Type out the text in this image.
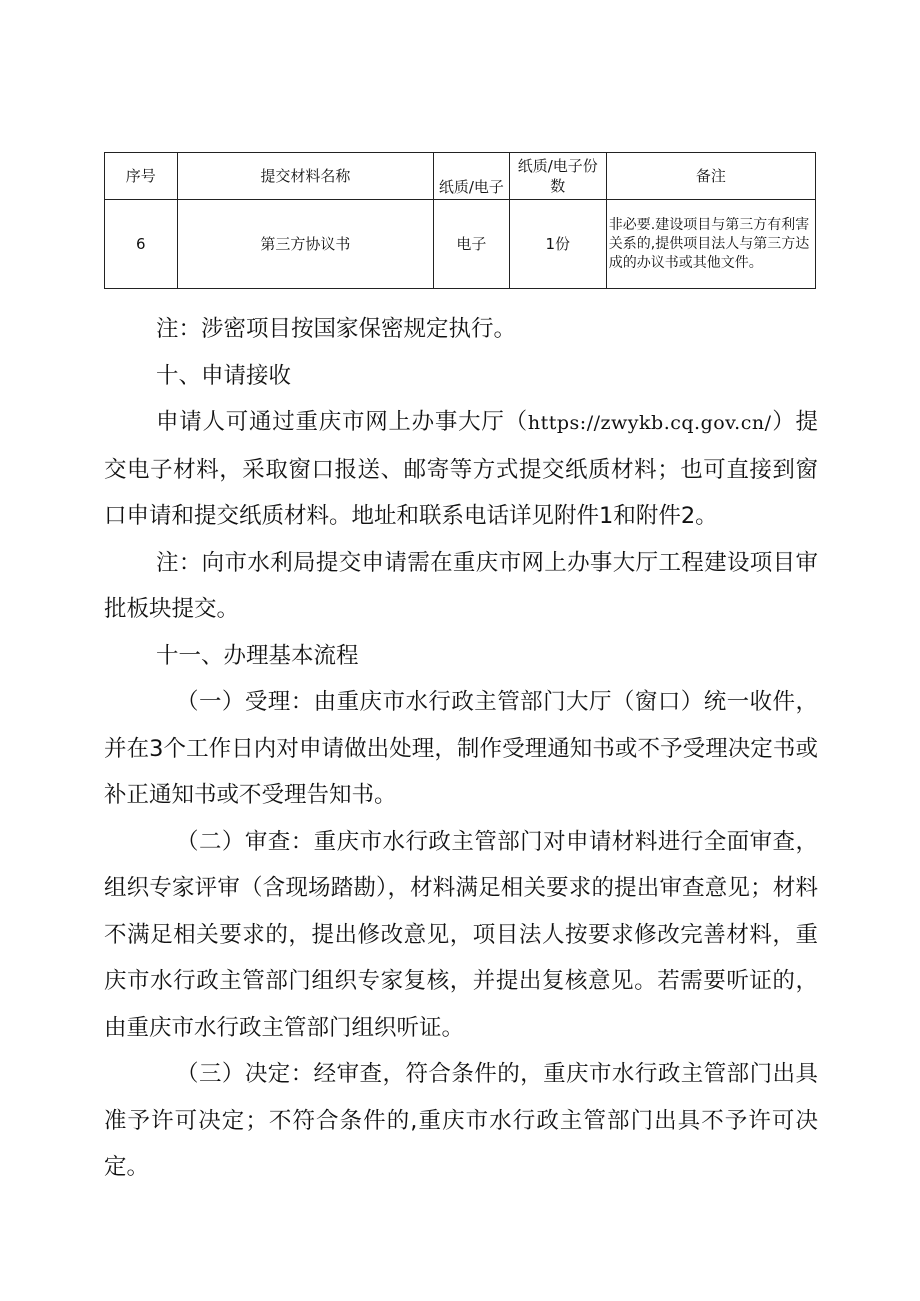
序号	提交材料名称	纸质/电子	纸质/电子份数	备注
6	第三方协议书	电子	1份	非必要.建设项目与第三方有利害关系的,提供项目法人与第三方达成的办议书或其他文件。

注：涉密项目按国家保密规定执行。

十、申请接收

申请人可通过重庆市网上办事大厅（https://zwykb.cq.gov.cn/）提交电子材料，采取窗口报送、邮寄等方式提交纸质材料；也可直接到窗口申请和提交纸质材料。地址和联系电话详见附件1和附件2。

注：向市水利局提交申请需在重庆市网上办事大厅工程建设项目审批板块提交。

十一、办理基本流程

（一）受理：由重庆市水行政主管部门大厅（窗口）统一收件，并在3个工作日内对申请做出处理，制作受理通知书或不予受理决定书或补正通知书或不受理告知书。

（二）审查：重庆市水行政主管部门对申请材料进行全面审查，组织专家评审（含现场踏勘），材料满足相关要求的提出审查意见；材料不满足相关要求的，提出修改意见，项目法人按要求修改完善材料，重庆市水行政主管部门组织专家复核，并提出复核意见。若需要听证的，由重庆市水行政主管部门组织听证。

（三）决定：经审查，符合条件的，重庆市水行政主管部门出具准予许可决定；不符合条件的,重庆市水行政主管部门出具不予许可决定。
